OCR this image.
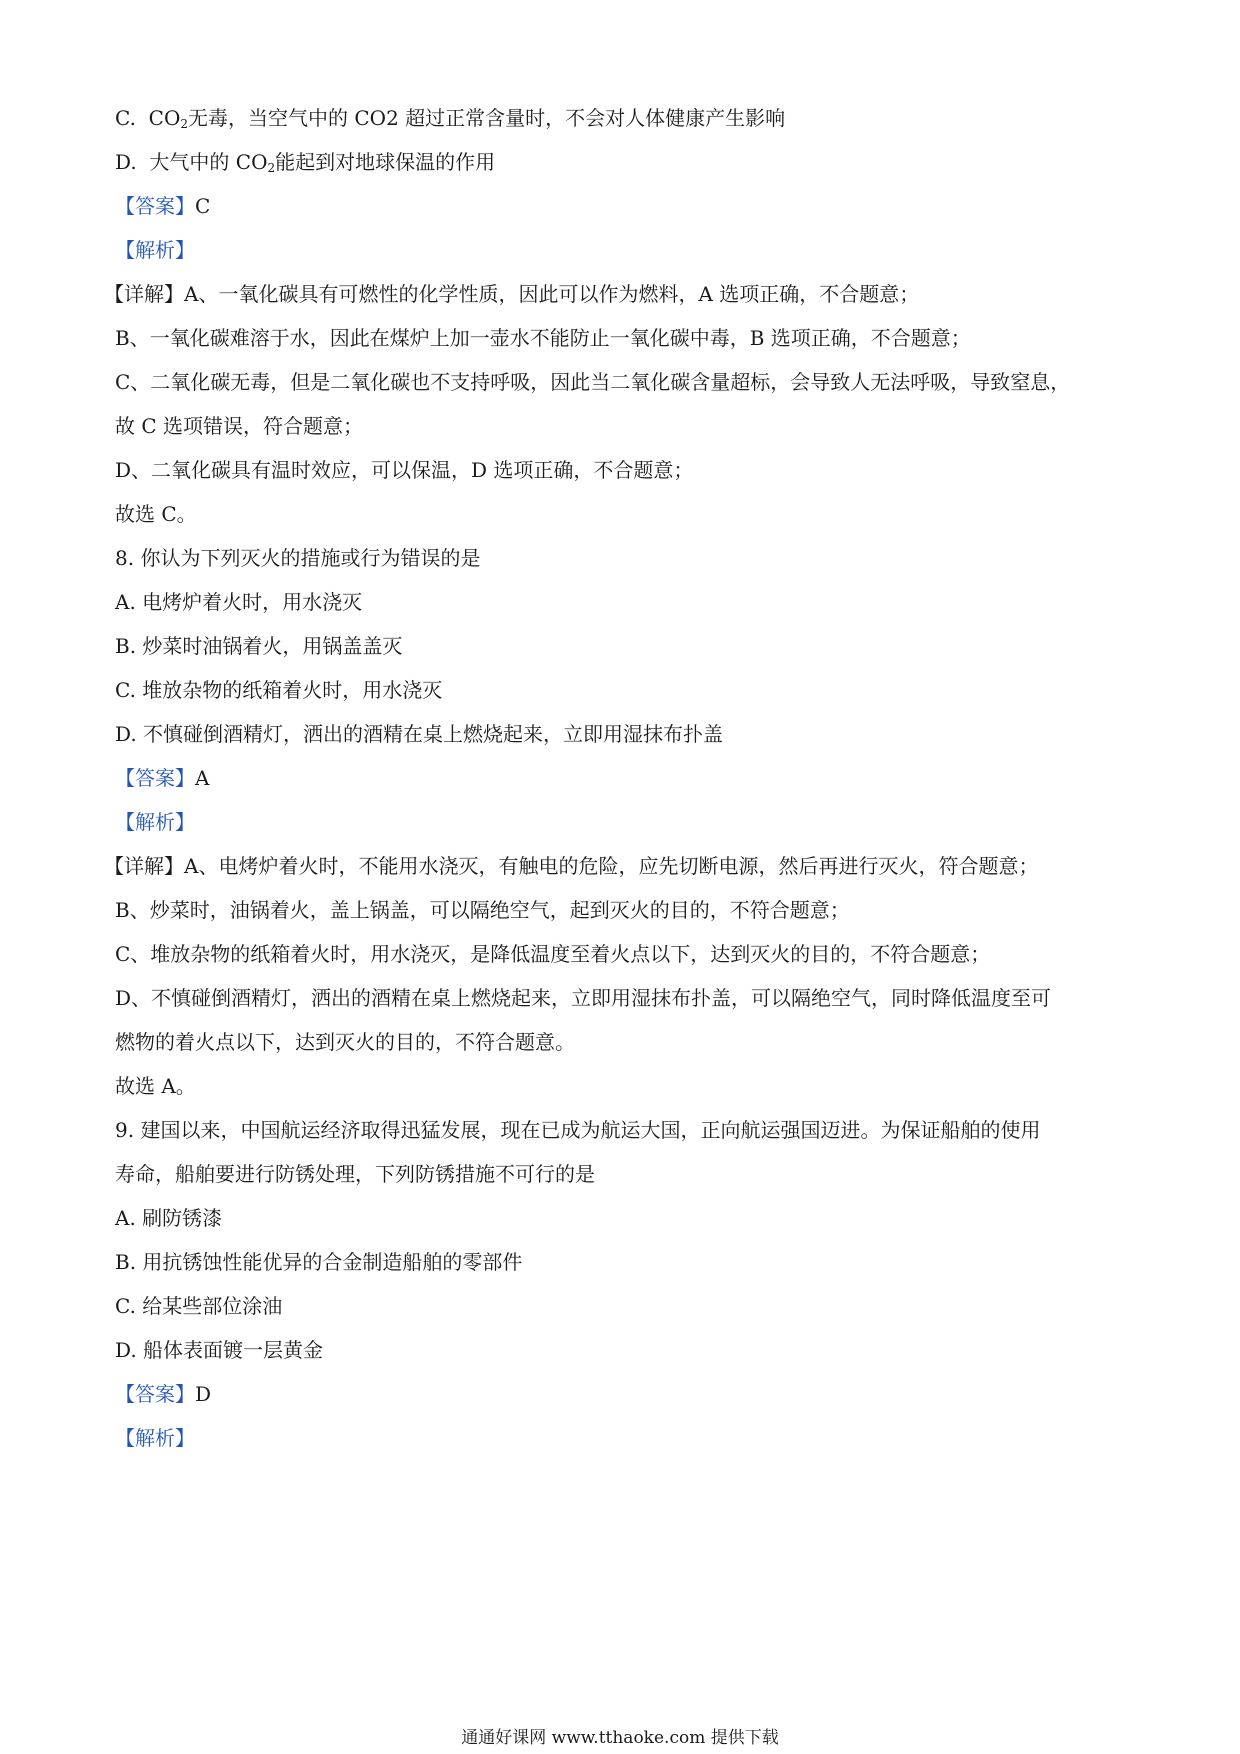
C. $CO_2$无毒，当空气中的 CO2 超过正常含量时，不会对人体健康产生影响
D. 大气中的 $CO_2$能起到对地球保温的作用
【答案】C
【解析】
【详解】A、一氧化碳具有可燃性的化学性质，因此可以作为燃料，A 选项正确，不合题意；
B、一氧化碳难溶于水，因此在煤炉上加一壶水不能防止一氧化碳中毒，B 选项正确，不合题意；
C、二氧化碳无毒，但是二氧化碳也不支持呼吸，因此当二氧化碳含量超标，会导致人无法呼吸，导致窒息，
故 C 选项错误，符合题意；
D、二氧化碳具有温时效应，可以保温，D 选项正确，不合题意；
故选 C。
8. 你认为下列灭火的措施或行为错误的是
A. 电烤炉着火时，用水浇灭
B. 炒菜时油锅着火，用锅盖盖灭
C. 堆放杂物的纸箱着火时，用水浇灭
D. 不慎碰倒酒精灯，洒出的酒精在桌上燃烧起来，立即用湿抹布扑盖
【答案】A
【解析】
【详解】A、电烤炉着火时，不能用水浇灭，有触电的危险，应先切断电源，然后再进行灭火，符合题意；
B、炒菜时，油锅着火，盖上锅盖，可以隔绝空气，起到灭火的目的，不符合题意；
C、堆放杂物的纸箱着火时，用水浇灭，是降低温度至着火点以下，达到灭火的目的，不符合题意；
D、不慎碰倒酒精灯，洒出的酒精在桌上燃烧起来，立即用湿抹布扑盖，可以隔绝空气，同时降低温度至可
燃物的着火点以下，达到灭火的目的，不符合题意。
故选 A。
9. 建国以来，中国航运经济取得迅猛发展，现在已成为航运大国，正向航运强国迈进。为保证船舶的使用
寿命，船舶要进行防锈处理，下列防锈措施不可行的是
A. 刷防锈漆
B. 用抗锈蚀性能优异的合金制造船舶的零部件
C. 给某些部位涂油
D. 船体表面镀一层黄金
【答案】D
【解析】
通通好课网 www.tthaoke.com 提供下载
